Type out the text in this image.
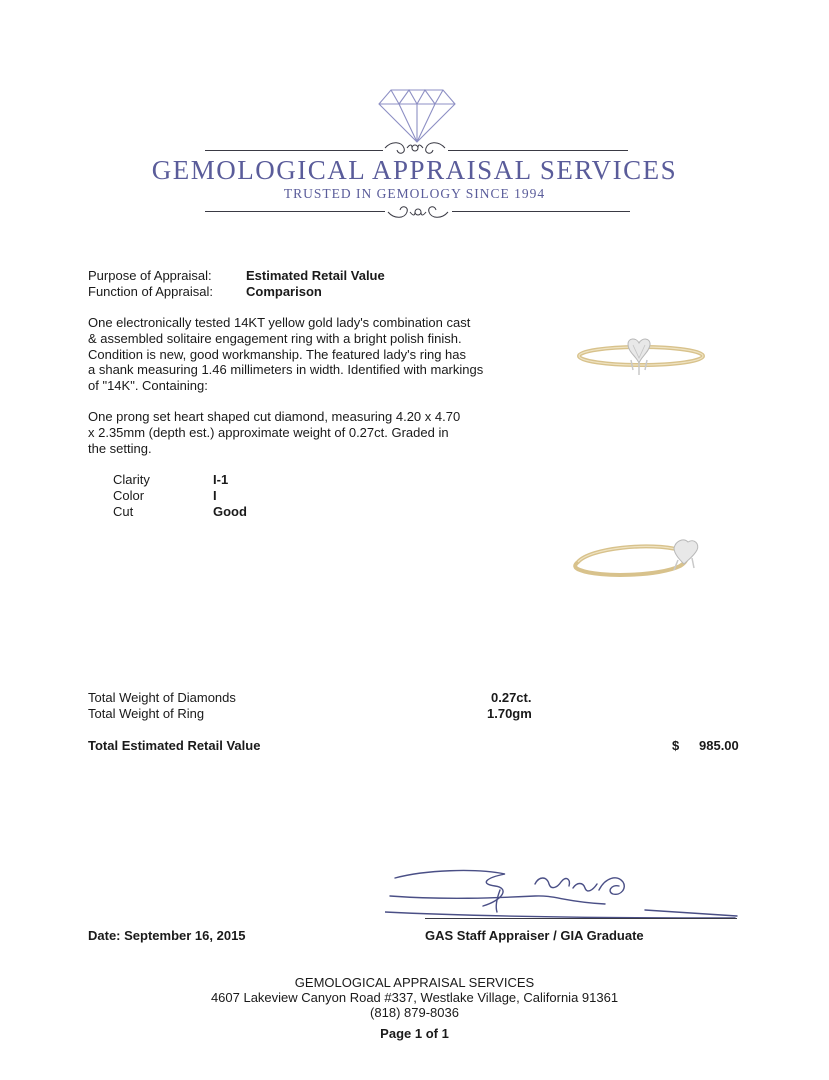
GEMOLOGICAL APPRAISAL SERVICES
TRUSTED IN GEMOLOGY SINCE 1994
Purpose of Appraisal:	Estimated Retail Value
Function of Appraisal:	Comparison
One electronically tested 14KT yellow gold lady's combination cast
& assembled solitaire engagement ring with a bright polish finish.
Condition is new, good workmanship. The featured lady's ring has
a shank measuring 1.46 millimeters in width. Identified with markings
of "14K". Containing:
One prong set heart shaped cut diamond, measuring 4.20 x 4.70
x 2.35mm (depth est.) approximate weight of 0.27ct. Graded in
the setting.
Clarity	I-1
Color	I
Cut	Good
Total Weight of Diamonds	0.27ct.
Total Weight of Ring	1.70gm
Total Estimated Retail Value	$ 985.00
Date: September 16, 2015	GAS Staff Appraiser / GIA Graduate
GEMOLOGICAL APPRAISAL SERVICES
4607 Lakeview Canyon Road #337, Westlake Village, California 91361
(818) 879-8036
Page 1 of 1
